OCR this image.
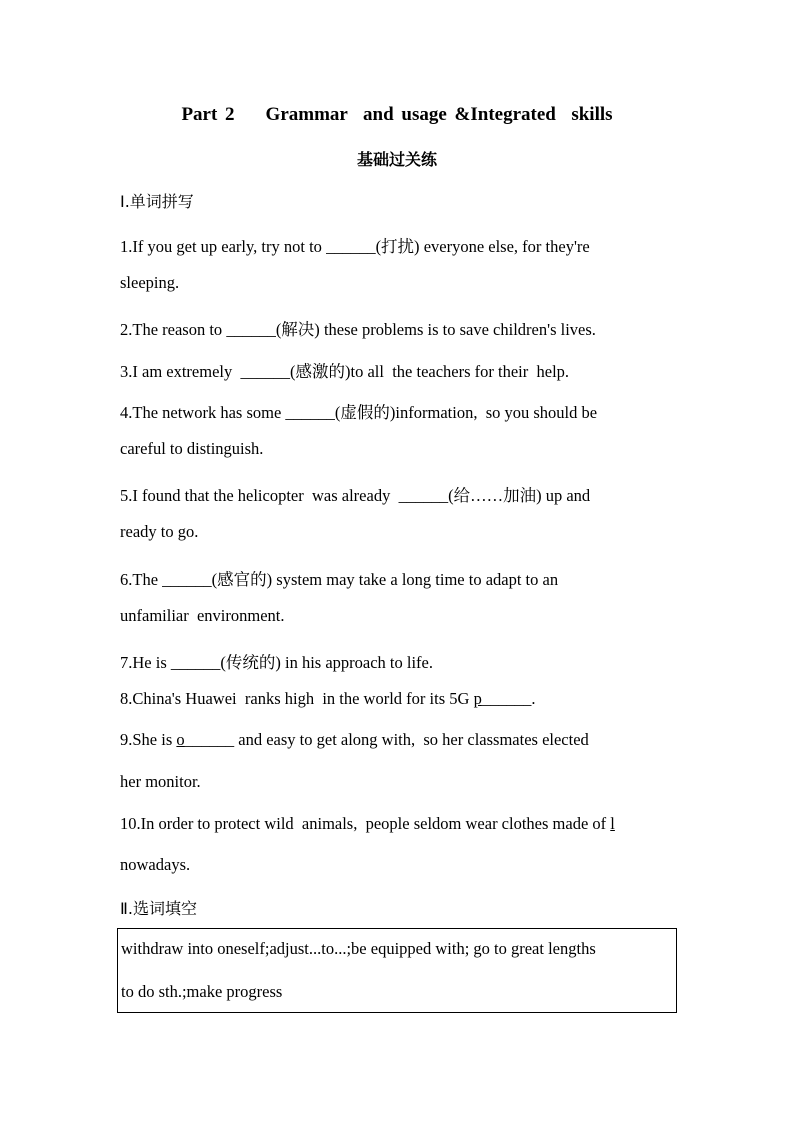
Part 2    Grammar  and usage &Integrated  skills
基础过关练
Ⅰ.单词拼写
1.If you get up early, try not to ______(打扰) everyone else, for they're
sleeping.
2.The reason to ______(解决) these problems is to save children's lives.
3.I am extremely  ______(感激的)to all  the teachers for their  help.
4.The network has some ______(虚假的)information,  so you should be
careful to distinguish.
5.I found that the helicopter  was already  ______(给……加油) up and
ready to go.
6.The ______(感官的) system may take a long time to adapt to an
unfamiliar  environment.
7.He is ______(传统的) in his approach to life.
8.China's Huawei  ranks high  in the world for its 5G p______.
9.She is o______ and easy to get along with,  so her classmates elected
her monitor.
10.In order to protect wild  animals,  people seldom wear clothes made of l
nowadays.
Ⅱ.选词填空
withdraw into oneself;adjust...to...;be equipped with; go to great lengths
to do sth.;make progress
